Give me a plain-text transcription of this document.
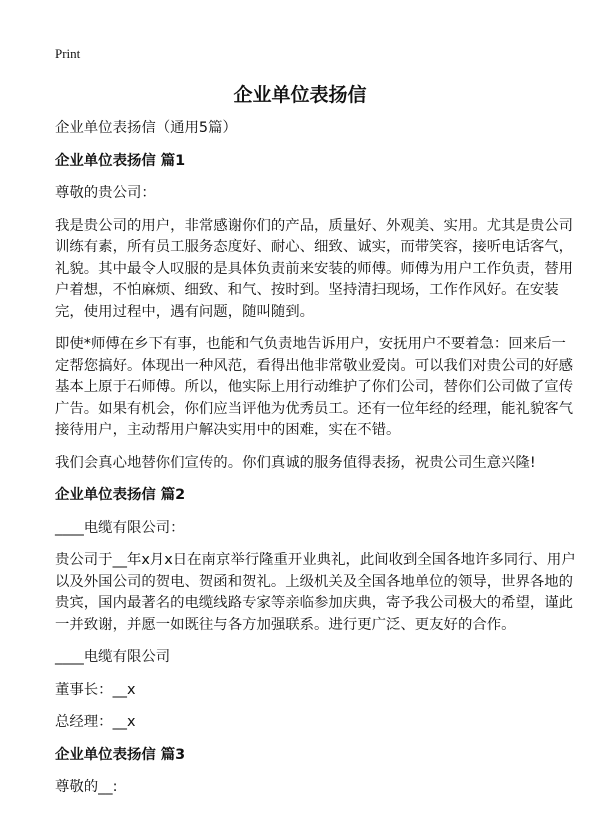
Print
企业单位表扬信

企业单位表扬信（通用5篇）

企业单位表扬信 篇1

尊敬的贵公司：

我是贵公司的用户，非常感谢你们的产品，质量好、外观美、实用。尤其是贵公司训练有素，所有员工服务态度好、耐心、细致、诚实，而带笑容，接听电话客气，礼貌。其中最令人叹服的是具体负责前来安装的师傅。师傅为用户工作负责，替用户着想，不怕麻烦、细致、和气、按时到。坚持清扫现场，工作作风好。在安装完，使用过程中，遇有问题，随叫随到。

即使*师傅在乡下有事，也能和气负责地告诉用户，安抚用户不要着急：回来后一定帮您搞好。体现出一种风范，看得出他非常敬业爱岗。可以我们对贵公司的好感基本上原于石师傅。所以，他实际上用行动维护了你们公司，替你们公司做了宣传广告。如果有机会，你们应当评他为优秀员工。还有一位年经的经理，能礼貌客气接待用户，主动帮用户解决实用中的困难，实在不错。

我们会真心地替你们宣传的。你们真诚的服务值得表扬，祝贵公司生意兴隆!

企业单位表扬信 篇2

____电缆有限公司：

贵公司于__年x月x日在南京举行隆重开业典礼，此间收到全国各地许多同行、用户以及外国公司的贺电、贺函和贺礼。上级机关及全国各地单位的领导，世界各地的贵宾，国内最著名的电缆线路专家等亲临参加庆典，寄予我公司极大的希望，谨此一并致谢，并愿一如既往与各方加强联系。进行更广泛、更友好的合作。

____电缆有限公司

董事长：__x

总经理：__x

企业单位表扬信 篇3

尊敬的__:
